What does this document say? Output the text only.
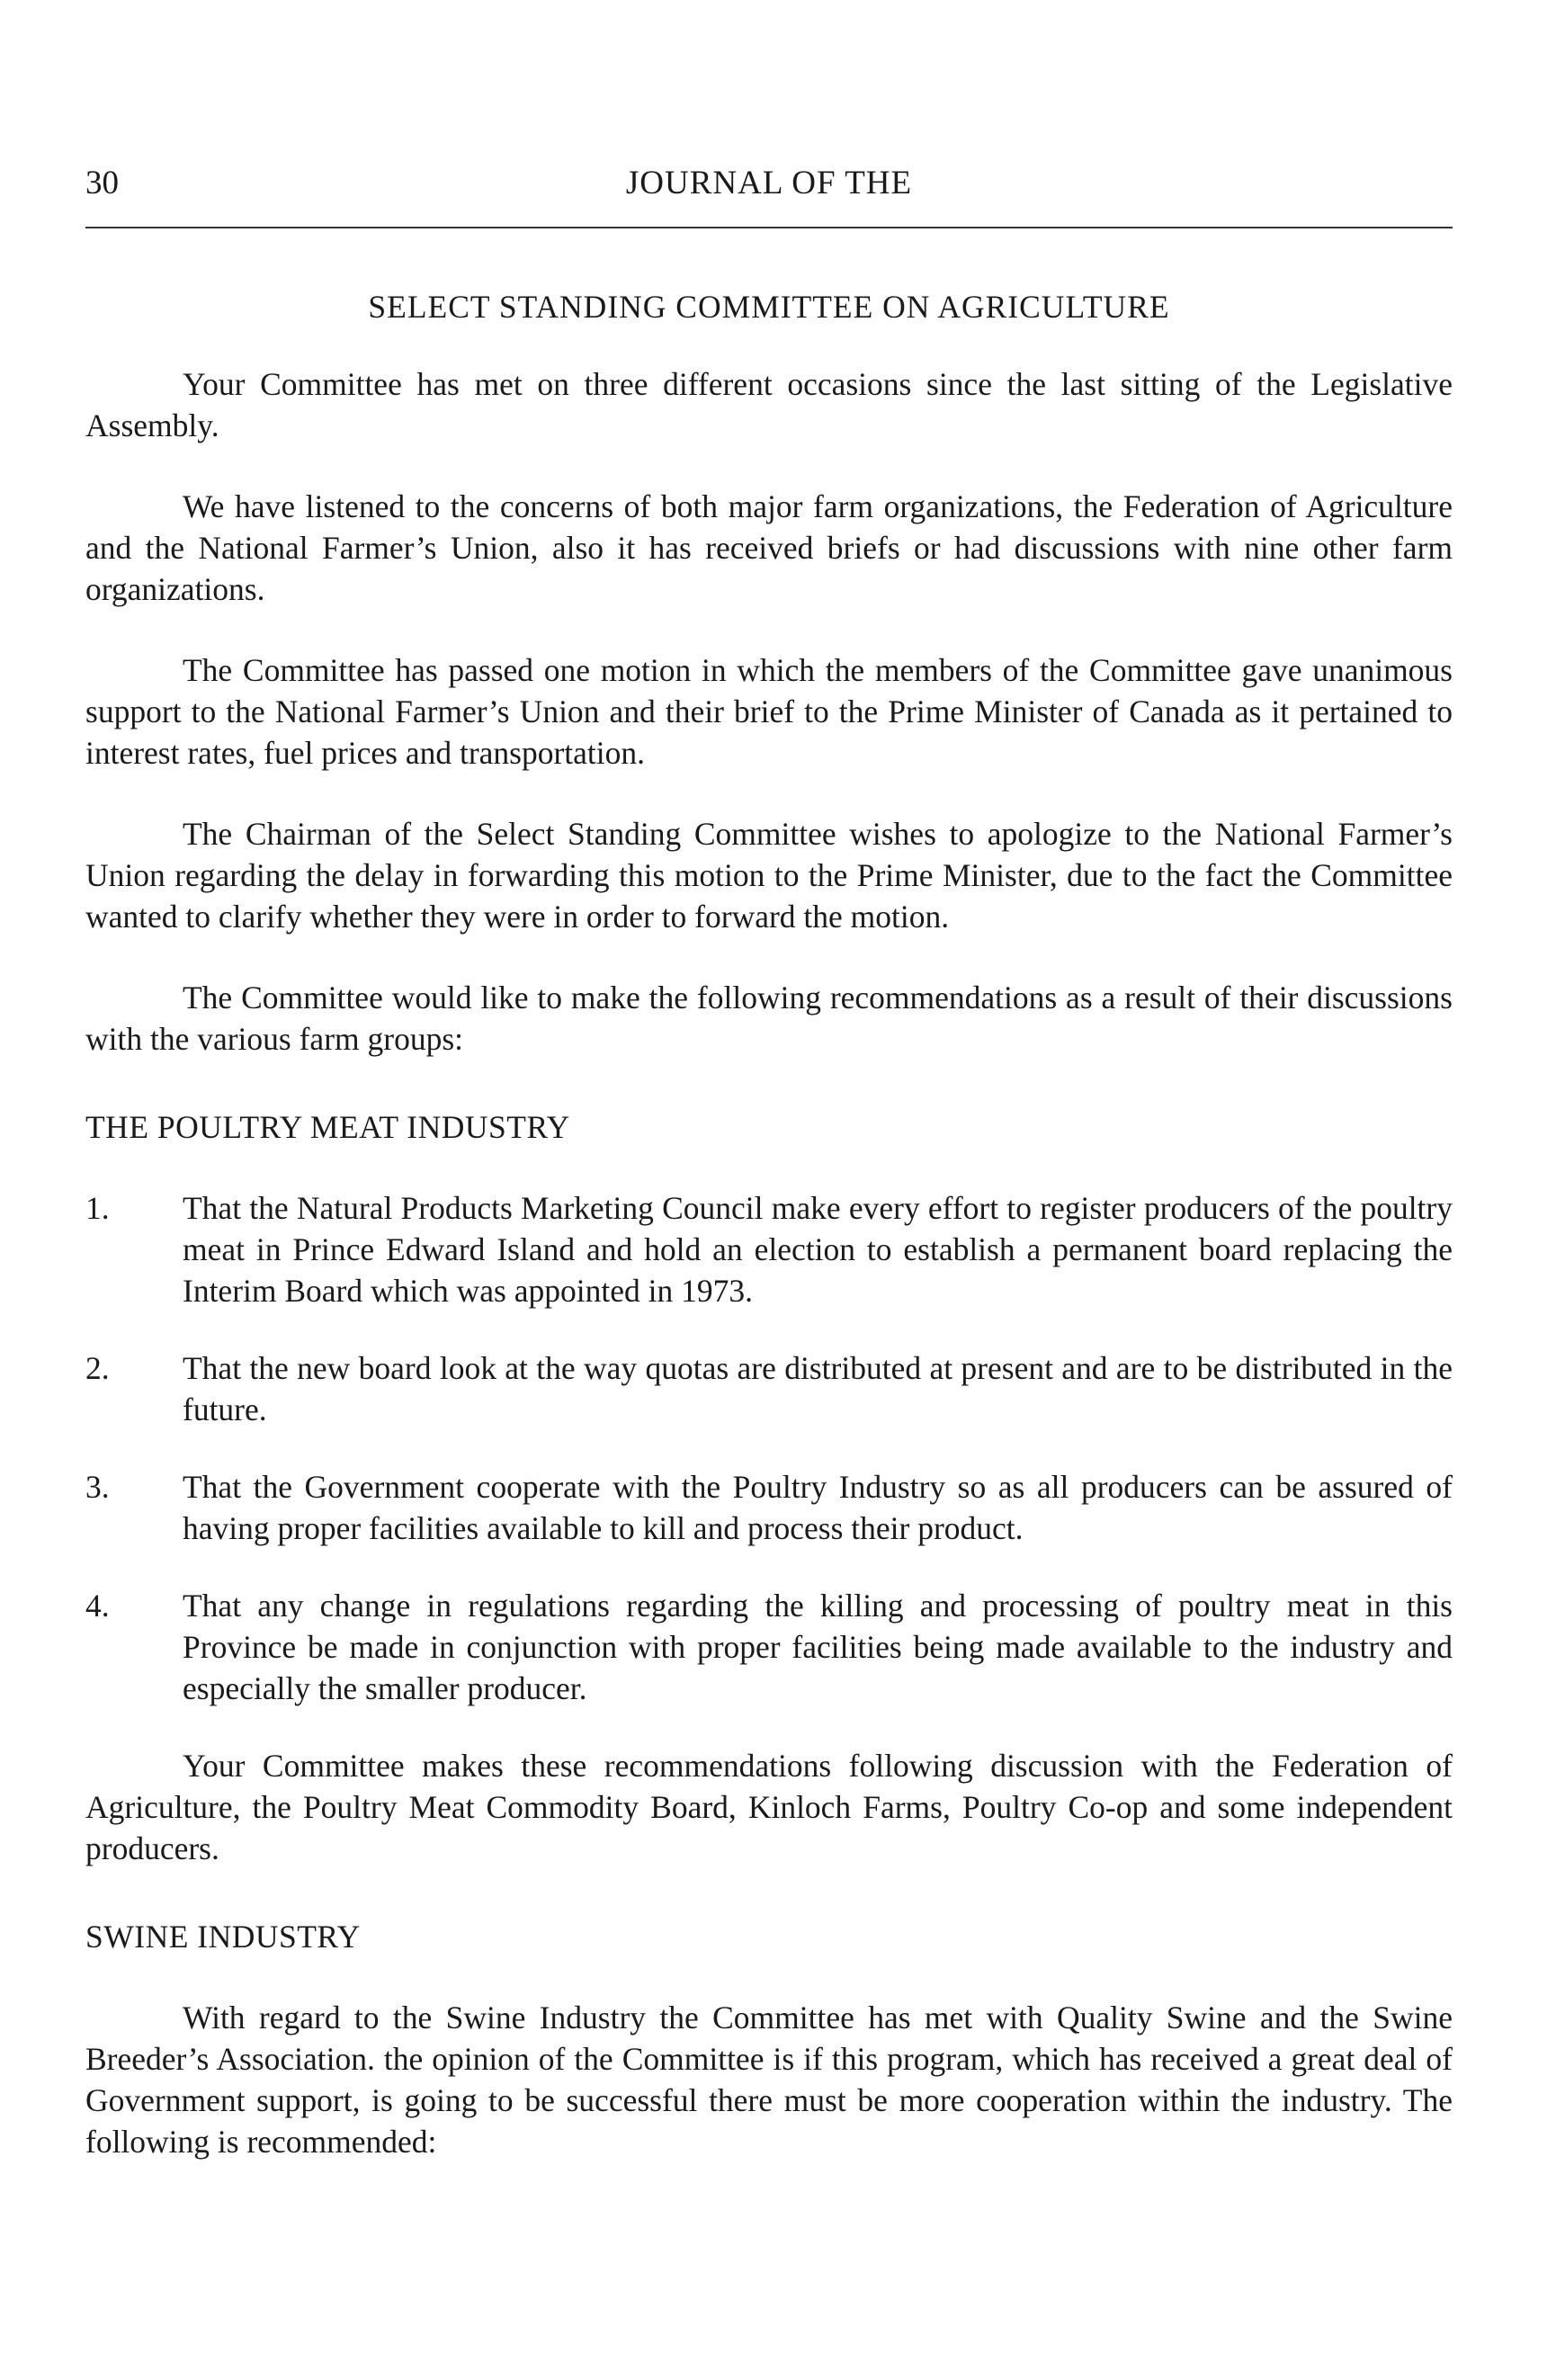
30	JOURNAL OF THE
SELECT STANDING COMMITTEE ON AGRICULTURE

Your Committee has met on three different occasions since the last sitting of the Legislative Assembly.

We have listened to the concerns of both major farm organizations, the Federation of Agriculture and the National Farmer’s Union, also it has received briefs or had discussions with nine other farm organizations.

The Committee has passed one motion in which the members of the Committee gave unanimous support to the National Farmer’s Union and their brief to the Prime Minister of Canada as it pertained to interest rates, fuel prices and transportation.

The Chairman of the Select Standing Committee wishes to apologize to the National Farmer’s Union regarding the delay in forwarding this motion to the Prime Minister, due to the fact the Committee wanted to clarify whether they were in order to forward the motion.

The Committee would like to make the following recommendations as a result of their discussions with the various farm groups:

THE POULTRY MEAT INDUSTRY
1.	That the Natural Products Marketing Council make every effort to register producers of the poultry meat in Prince Edward Island and hold an election to establish a permanent board replacing the Interim Board which was appointed in 1973.
2.	That the new board look at the way quotas are distributed at present and are to be distributed in the future.
3.	That the Government cooperate with the Poultry Industry so as all producers can be assured of having proper facilities available to kill and process their product.
4.	That any change in regulations regarding the killing and processing of poultry meat in this Province be made in conjunction with proper facilities being made available to the industry and especially the smaller producer.

Your Committee makes these recommendations following discussion with the Federation of Agriculture, the Poultry Meat Commodity Board, Kinloch Farms, Poultry Co-op and some independent producers.

SWINE INDUSTRY

With regard to the Swine Industry the Committee has met with Quality Swine and the Swine Breeder’s Association. the opinion of the Committee is if this program, which has received a great deal of Government support, is going to be successful there must be more cooperation within the industry. The following is recommended:
